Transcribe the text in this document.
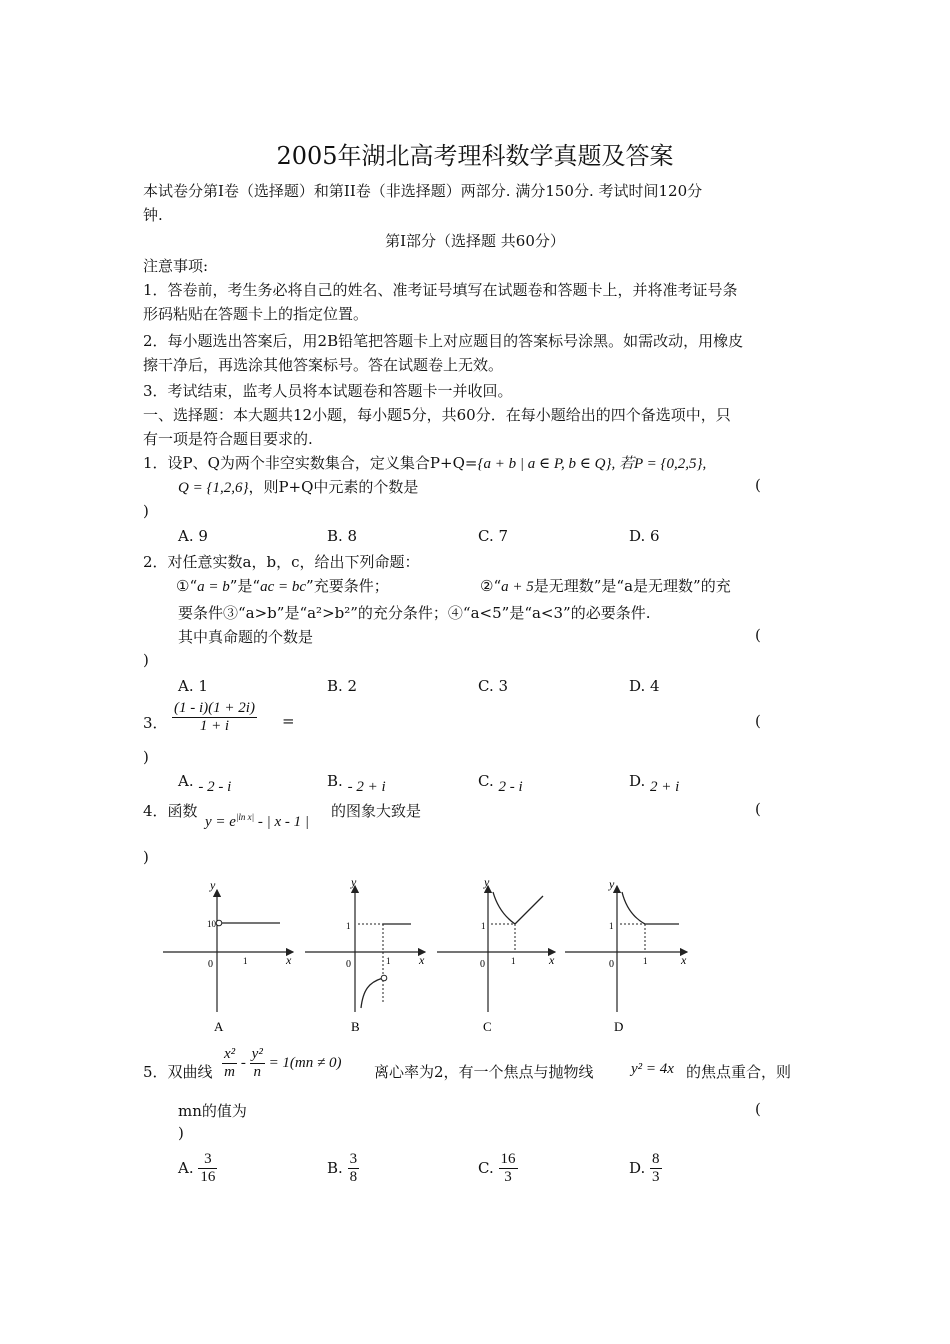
2005年湖北高考理科数学真题及答案
本试卷分第I卷（选择题）和第II卷（非选择题）两部分. 满分150分. 考试时间120分
钟.
第I部分（选择题 共60分）
注意事项:
1．答卷前，考生务必将自己的姓名、准考证号填写在试题卷和答题卡上，并将准考证号条
形码粘贴在答题卡上的指定位置。
2．每小题选出答案后，用2B铅笔把答题卡上对应题目的答案标号涂黑。如需改动，用橡皮
擦干净后，再选涂其他答案标号。答在试题卷上无效。
3．考试结束，监考人员将本试题卷和答题卡一并收回。
一、选择题：本大题共12小题，每小题5分，共60分．在每小题给出的四个备选项中，只
有一项是符合题目要求的.
1．设P、Q为两个非空实数集合，定义集合P+Q={a + b | a ∈ P, b ∈ Q}, 若P = {0,2,5},
Q = {1,2,6}，则P+Q中元素的个数是	(
)
A. 9	B. 8	C. 7	D. 6
2．对任意实数a，b，c，给出下列命题：
①“a = b”是“ac = bc”充要条件；	②“a + 5是无理数”是“a是无理数”的充
要条件③“a>b”是“a²>b²”的充分条件；④“a<5”是“a<3”的必要条件.
其中真命题的个数是	(
)
A. 1	B. 2	C. 3	D. 4
3． $\frac{(1 - i)(1 + 2i)}{1 + i}$ =	(
)
A. - 2 - i	B. - 2 + i	C. 2 - i	D. 2 + i
4．函数
$y = e^{|ln x|}$ - | x - 1 |
的图象大致是	(
)
y
x
0
10
1
A
y
x
0
1
1
B
y
x
0
1
1
C
y
x
0
1
1
D
5．双曲线 $\frac{\text{x²}}{m} - \frac{\text{y²}}{n} = 1(mn \ne 0)$ 离心率为2，有一个焦点与抛物线 y² = 4x 的焦点重合，则
mn的值为	(
)
A. $\frac{3}{16}$	B. $\frac{3}{8}$	C. $\frac{16}{3}$	D. $\frac{8}{3}$
